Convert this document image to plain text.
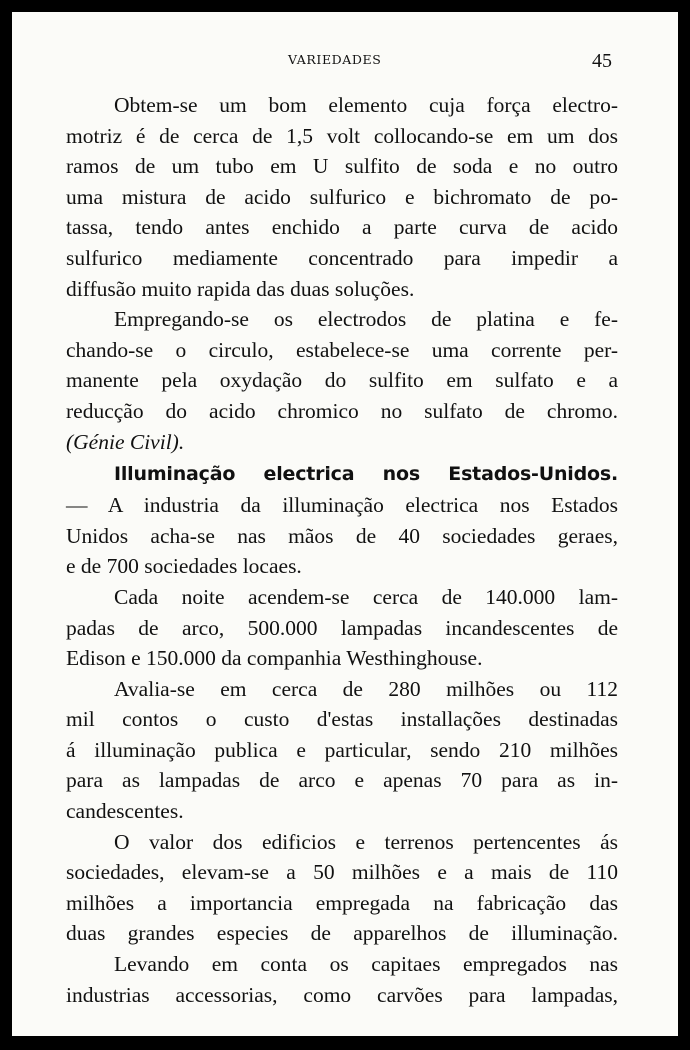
VARIEDADES	45
Obtem-se um bom elemento cuja força electro-
motriz é de cerca de 1,5 volt collocando-se em um dos
ramos de um tubo em U sulfito de soda e no outro
uma mistura de acido sulfurico e bichromato de po-
tassa, tendo antes enchido a parte curva de acido
sulfurico mediamente concentrado para impedir a
diffusão muito rapida das duas soluções.
Empregando-se os electrodos de platina e fe-
chando-se o circulo, estabelece-se uma corrente per-
manente pela oxydação do sulfito em sulfato e a
reducção do acido chromico no sulfato de chromo.
(Génie Civil).
Illuminação electrica nos Estados-Unidos.
— A industria da illuminação electrica nos Estados
Unidos acha-se nas mãos de 40 sociedades geraes,
e de 700 sociedades locaes.
Cada noite acendem-se cerca de 140.000 lam-
padas de arco, 500.000 lampadas incandescentes de
Edison e 150.000 da companhia Westhinghouse.
Avalia-se em cerca de 280 milhões ou 112
mil contos o custo d'estas installações destinadas
á illuminação publica e particular, sendo 210 milhões
para as lampadas de arco e apenas 70 para as in-
candescentes.
O valor dos edificios e terrenos pertencentes ás
sociedades, elevam-se a 50 milhões e a mais de 110
milhões a importancia empregada na fabricação das
duas grandes especies de apparelhos de illuminação.
Levando em conta os capitaes empregados nas
industrias accessorias, como carvões para lampadas,
